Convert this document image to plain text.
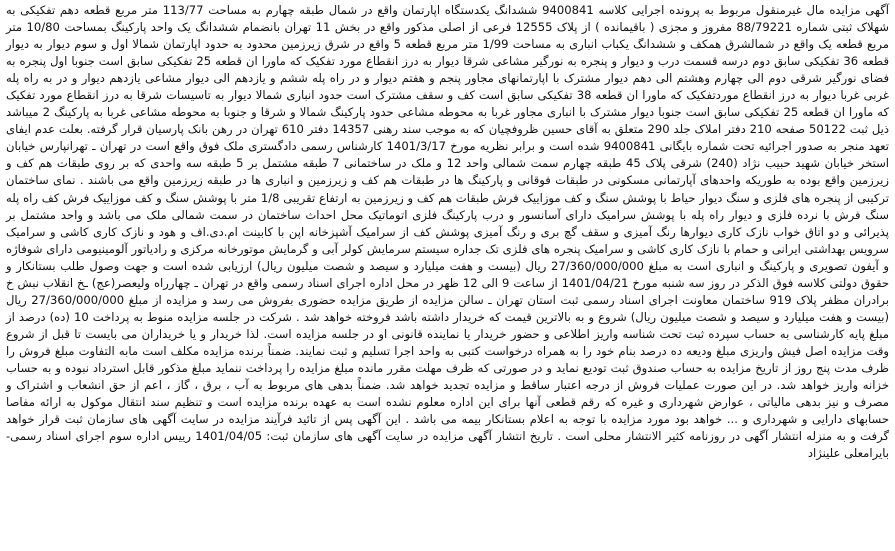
آگهی مزایده مال غیرمنقول مربوط به پرونده اجرایی کلاسه 9400841 ششدانگ یکدستگاه اپارتمان واقع در شمال طبقه چهارم به مساحت 113/77 متر مربع قطعه دهم تفکیکی به شهلاک ثبتی شماره 88/79221 مفروز و مجزی ( باقیمانده ) از پلاک 12555 فرعی از اصلی مذکور واقع در بخش 11 تهران بانضمام ششدانگ یک واحد پارکینگ بمساحت 10/80 متر مربع قطعه یک واقع در شمالشرق همکف و ششدانگ یکباب انباری به مساحت 1/99 متر مربع قطعه 5 واقع در شرق زیرزمین محدود به حدود اپارتمان شمالا اول و سوم دیوار به دیوار قطعه 36 تفکیکی سابق دوم درسه قسمت درب و دیوار و پنجره به نورگیر مشاعی شرقا دیوار به درز انقطاع مورد تفکیک که ماورا ان قطعه 25 تفکیکی سابق است جنوبا اول پنجره به فضای نورگیر شرقی دوم الی چهارم وهشتم الی دهم دیوار مشترک با اپارتمانهای مجاور پنجم و هفتم دیوار و در راه پله ششم و یازدهم الی دیوار مشاعی یازدهم دیوار و در به راه پله غربی غربا دیوار به درز انقطاع موردتفکیک که ماورا ان قطعه 38 تفکیکی سابق است کف و سقف مشترک است حدود انباری شمالا دیوار به تاسیسات شرقا به درز انقطاع مورد تفکیک که ماورا ان قطعه 25 تفکیکی سابق است جنوبا دیوار مشترک با انباری مجاور غربا به محوطه مشاعی حدود پارکینگ شمالا و شرقا و جنوبا به محوطه مشاعی غربا به پارکینگ 2 میباشد ذیل ثبت 50122 صفحه 210 دفتر املاک جلد 290 متعلق به آقای حسین ظروفچیان که به موجب سند رهنی 14357 دفتر 610 تهران در رهن بانک پارسیان قرار گرفته. بعلت عدم ایفای تعهد منجر به صدور اجرائیه تحت شماره بایگانی 9400841 شده است و برابر نظریه مورخ 1401/3/17 کارشناس رسمی دادگستری ملک فوق واقع است در تهران ـ تهرانپارس خیابان استخر خیابان شهید حبیب نژاد (240) شرقی پلاک 45 طبقه چهارم سمت شمالی واحد 12 و ملک در ساختمانی 7 طبقه مشتمل بر 5 طبقه سه واحدی که بر روی طبقات هم کف و زیرزمین واقع بوده به طوریکه واحدهای آپارتمانی مسکونی در طبقات فوقانی و پارکینگ ها در طبقات هم کف و زیرزمین و انباری ها در طبقه زیرزمین واقع می باشند . نمای ساختمان ترکیبی از پنجره های فلزی و سنگ دیوار حیاط با پوشش سنگ و کف موزاییک فرش طبقات هم کف و زیرزمین به ارتفاع تقریبی 1/8 متر با پوشش سنگ و کف موزاییک فرش کف راه پله سنگ فرش با نرده فلزی و دیوار راه پله با پوشش سرامیک دارای آسانسور و درب پارکینگ فلزی اتوماتیک محل احداث ساختمان در سمت شمالی ملک می باشد و واحد مشتمل بر پذیرائی و دو اتاق خواب نازک کاری دیوارها رنگ آمیزی و سقف گچ بری و رنگ آمیزی پوشش کف از سرامیک آشپزخانه اپن با کابینت ام.دی.اف و هود و نازک کاری کاشی و سرامیک سرویس بهداشتی ایرانی و حمام با نازک کاری کاشی و سرامیک پنجره های فلزی تک جداره سیستم سرمایش کولر آبی و گرمایش موتورخانه مرکزی و رادیاتور آلومینیومی دارای شوفاژه و آیفون تصویری و پارکینگ و انباری است به مبلغ 27/360/000/000 ریال (بیست و هفت میلیارد و سیصد و شصت میلیون ریال) ارزیابی شده است و جهت وصول طلب بستانکار و حقوق دولتی کلاسه فوق الذکر در روز سه شنبه مورخ 1401/04/21 از ساعت 9 الی 12 ظهر در محل اداره اجرای اسناد رسمی واقع در تهران ـ چهارراه ولیعصر(عج) ـخ انقلاب نبش خ برادران مظفر پلاک 919 ساختمان معاونت اجرای اسناد رسمی ثبت استان تهران ـ سالن مزایده از طریق مزایده حضوری بفروش می رسد و مزایده از مبلغ 27/360/000/000 ریال (بیست و هفت میلیارد و سیصد و شصت میلیون ریال) شروع و به بالاترین قیمت که خریدار داشته باشد فروخته خواهد شد . شرکت در جلسه مزایده منوط به پرداخت 10 (ده) درصد از مبلغ پایه کارشناسی به حساب سپرده ثبت تحت شناسه واریز اطلاعی و حضور خریدار یا نماینده قانونی او در جلسه مزایده است. لذا خریدار و یا خریداران می بایست تا قبل از شروع وقت مزایده اصل فیش واریزی مبلغ ودیعه ده درصد بنام خود را به همراه درخواست کتبی به واحد اجرا تسلیم و ثبت نمایند. ضمناً برنده مزایده مکلف است مابه التفاوت مبلغ فروش را ظرف مدت پنج روز از تاریخ مزایده به حساب صندوق ثبت تودیع نماید و در صورتی که ظرف مهلت مقرر مانده مبلغ مزایده را پرداخت ننماید مبلغ مذکور قابل استرداد نبوده و به حساب خزانه واریز خواهد شد. در این صورت عملیات فروش از درجه اعتبار ساقط و مزایده تجدید خواهد شد. ضمناً بدهی های مربوط به آب ، برق ، گاز ، اعم از حق انشعاب و اشتراک و مصرف و نیز بدهی مالیاتی ، عوارض شهرداری و غیره که رقم قطعی آنها برای این اداره معلوم نشده است به عهده برنده مزایده است و تنظیم سند انتقال موکول به ارائه مفاصا حسابهای دارایی و شهرداری و ... خواهد بود مورد مزایده با توجه به اعلام بستانکار بیمه می باشد . این آگهی پس از تائید فرآیند مزایده در سایت آگهی های سازمان ثبت قرار خواهد گرفت و به منزله انتشار آگهی در روزنامه کثیر الانتشار محلی است . تاریخ انتشار آگهی مزایده در سایت آگهی های سازمان ثبت: 1401/04/05 رییس اداره سوم اجرای اسناد رسمی- بایرامعلی علینژاد
